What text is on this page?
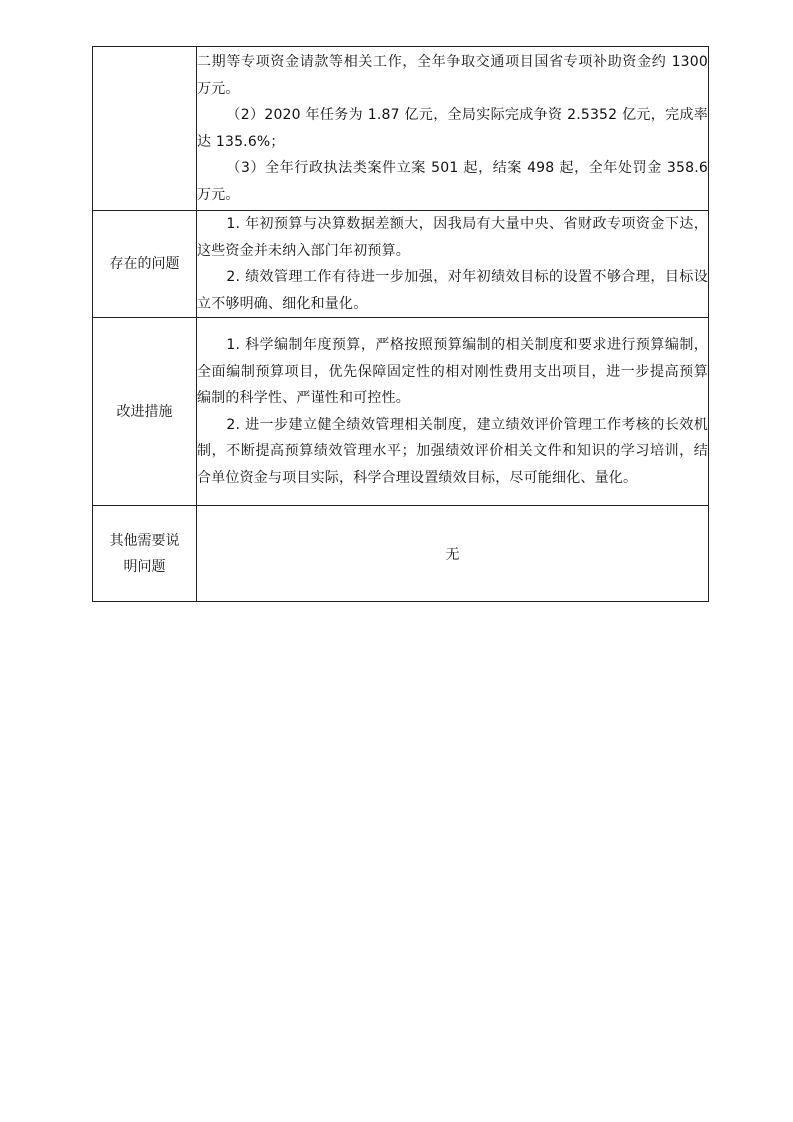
	二期等专项资金请款等相关工作，全年争取交通项目国省专项补助资金约 1300 万元。

（2）2020 年任务为 1.87 亿元，全局实际完成争资 2.5352 亿元，完成率达 135.6%；

（3）全年行政执法类案件立案 501 起，结案 498 起，全年处罚金 358.6 万元。

存在的问题	1. 年初预算与决算数据差额大，因我局有大量中央、省财政专项资金下达，这些资金并未纳入部门年初预算。

2. 绩效管理工作有待进一步加强，对年初绩效目标的设置不够合理，目标设立不够明确、细化和量化。

改进措施	1. 科学编制年度预算，严格按照预算编制的相关制度和要求进行预算编制，全面编制预算项目，优先保障固定性的相对刚性费用支出项目，进一步提高预算编制的科学性、严谨性和可控性。

2. 进一步建立健全绩效管理相关制度，建立绩效评价管理工作考核的长效机制，不断提高预算绩效管理水平；加强绩效评价相关文件和知识的学习培训，结合单位资金与项目实际，科学合理设置绩效目标，尽可能细化、量化。

其他需要说
明问题	无
